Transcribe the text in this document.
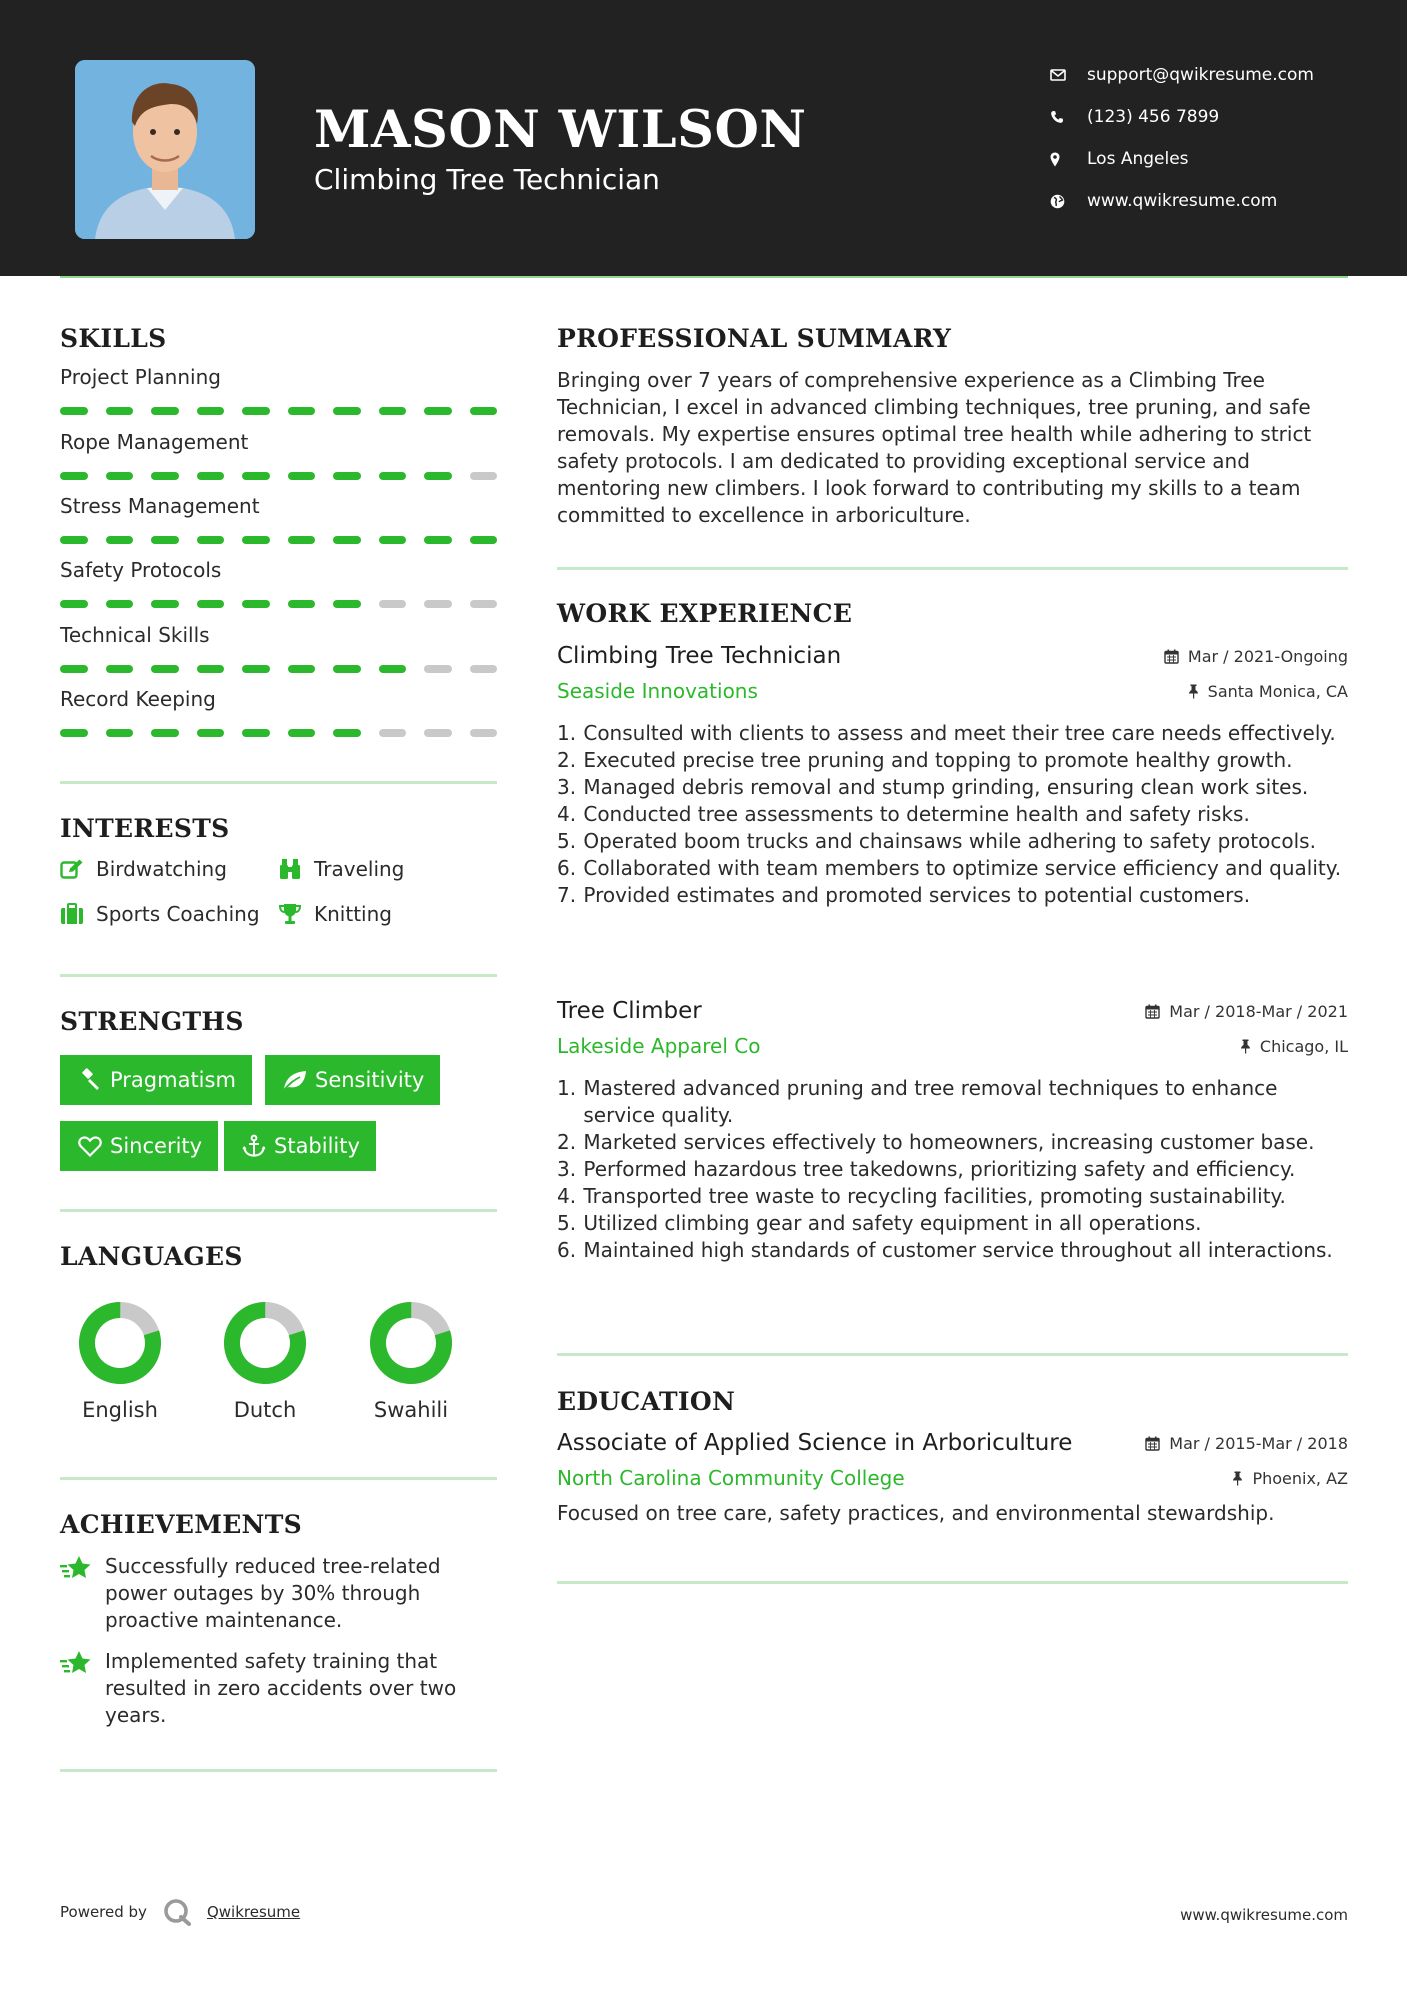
MASON WILSON
Climbing Tree Technician
support@qwikresume.com
(123) 456 7899
Los Angeles
www.qwikresume.com
SKILLS
Project Planning
Rope Management
Stress Management
Safety Protocols
Technical Skills
Record Keeping
INTERESTS
Birdwatching	Traveling
Sports Coaching	Knitting
STRENGTHS
Pragmatism	Sensitivity
Sincerity	Stability
LANGUAGES
English	Dutch	Swahili
ACHIEVEMENTS
Successfully reduced tree-related power outages by 30% through proactive maintenance.
Implemented safety training that resulted in zero accidents over two years.
PROFESSIONAL SUMMARY
Bringing over 7 years of comprehensive experience as a Climbing Tree Technician, I excel in advanced climbing techniques, tree pruning, and safe removals. My expertise ensures optimal tree health while adhering to strict safety protocols. I am dedicated to providing exceptional service and mentoring new climbers. I look forward to contributing my skills to a team committed to excellence in arboriculture.
WORK EXPERIENCE
Climbing Tree Technician	Mar / 2021-Ongoing
Seaside Innovations	Santa Monica, CA
1.
Consulted with clients to assess and meet their tree care needs effectively.
2.
Executed precise tree pruning and topping to promote healthy growth.
3.
Managed debris removal and stump grinding, ensuring clean work sites.
4.
Conducted tree assessments to determine health and safety risks.
5.
Operated boom trucks and chainsaws while adhering to safety protocols.
6.
Collaborated with team members to optimize service efficiency and quality.
7.
Provided estimates and promoted services to potential customers.
Tree Climber	Mar / 2018-Mar / 2021
Lakeside Apparel Co	Chicago, IL
1.
Mastered advanced pruning and tree removal techniques to enhance service quality.
2.
Marketed services effectively to homeowners, increasing customer base.
3.
Performed hazardous tree takedowns, prioritizing safety and efficiency.
4.
Transported tree waste to recycling facilities, promoting sustainability.
5.
Utilized climbing gear and safety equipment in all operations.
6.
Maintained high standards of customer service throughout all interactions.
EDUCATION
Associate of Applied Science in Arboriculture	Mar / 2015-Mar / 2018
North Carolina Community College	Phoenix, AZ
Focused on tree care, safety practices, and environmental stewardship.
Powered by	Qwikresume	www.qwikresume.com
